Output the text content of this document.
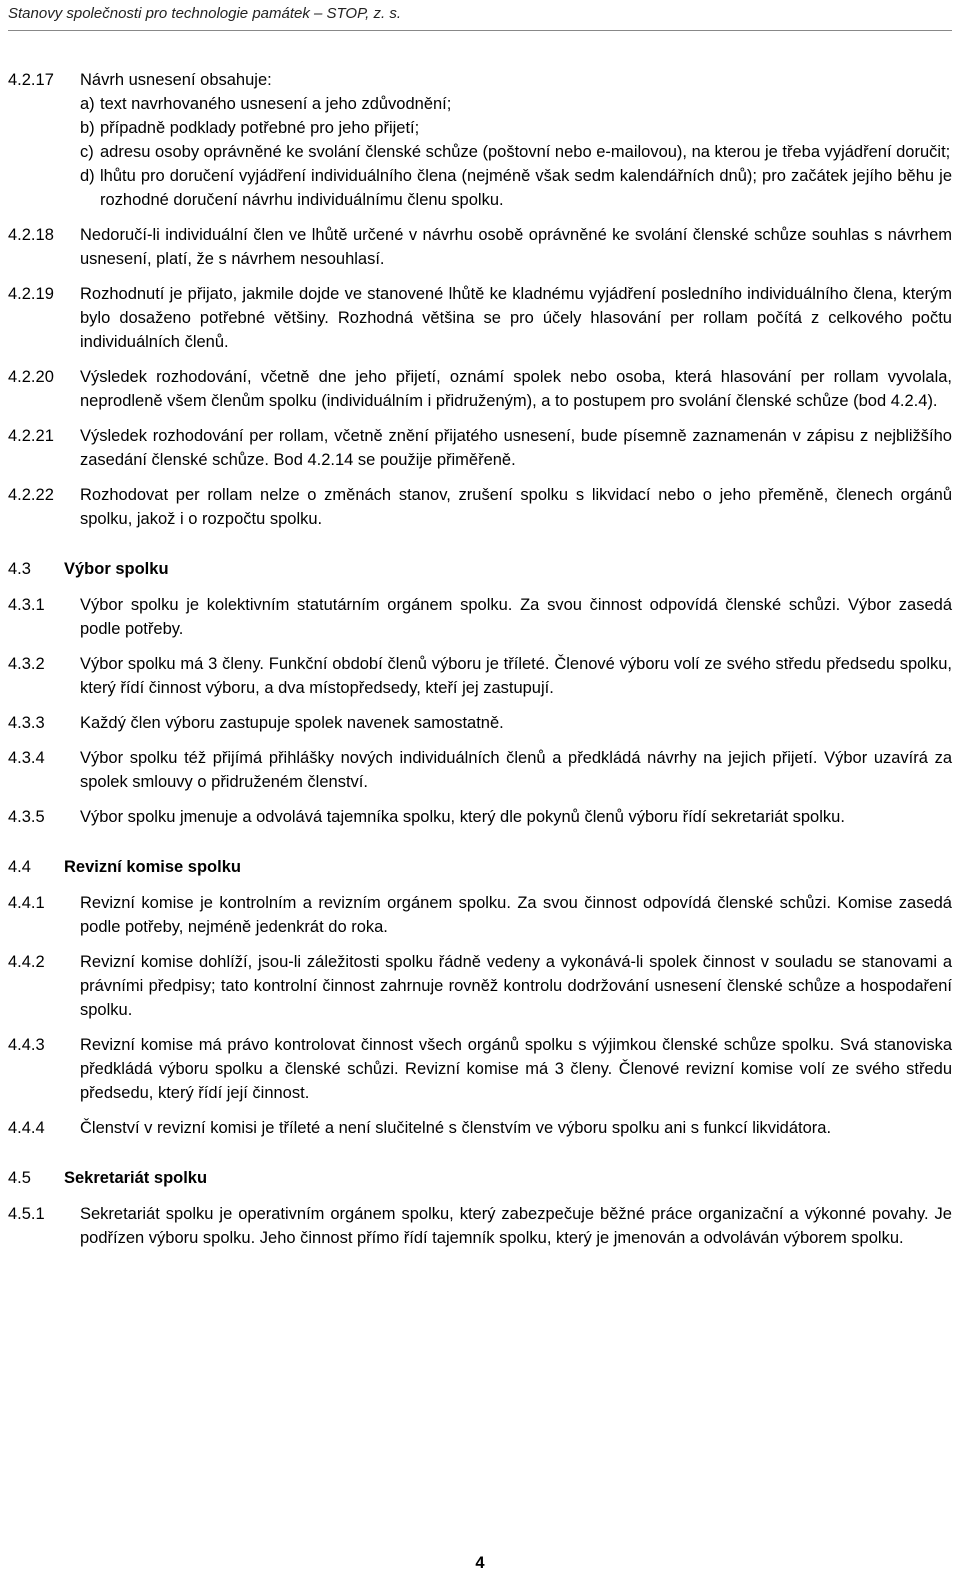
Stanovy společnosti pro technologie památek – STOP, z. s.
4.2.17	Návrh usnesení obsahuje:
a) text navrhovaného usnesení a jeho zdůvodnění;
b) případně podklady potřebné pro jeho přijetí;
c) adresu osoby oprávněné ke svolání členské schůze (poštovní nebo e-mailovou), na kterou je třeba vyjádření doručit;
d) lhůtu pro doručení vyjádření individuálního člena (nejméně však sedm kalendářních dnů); pro začátek jejího běhu je rozhodné doručení návrhu individuálnímu členu spolku.
4.2.18	Nedoručí-li individuální člen ve lhůtě určené v návrhu osobě oprávněné ke svolání členské schůze souhlas s návrhem usnesení, platí, že s návrhem nesouhlasí.
4.2.19	Rozhodnutí je přijato, jakmile dojde ve stanovené lhůtě ke kladnému vyjádření posledního individuálního člena, kterým bylo dosaženo potřebné většiny. Rozhodná většina se pro účely hlasování per rollam počítá z celkového počtu individuálních členů.
4.2.20	Výsledek rozhodování, včetně dne jeho přijetí, oznámí spolek nebo osoba, která hlasování per rollam vyvolala, neprodleně všem členům spolku (individuálním i přidruženým), a to postupem pro svolání členské schůze (bod 4.2.4).
4.2.21	Výsledek rozhodování per rollam, včetně znění přijatého usnesení, bude písemně zaznamenán v zápisu z nejbližšího zasedání členské schůze. Bod 4.2.14 se použije přiměřeně.
4.2.22	Rozhodovat per rollam nelze o změnách stanov, zrušení spolku s likvidací nebo o jeho přeměně, členech orgánů spolku, jakož i o rozpočtu spolku.
4.3	Výbor spolku
4.3.1	Výbor spolku je kolektivním statutárním orgánem spolku. Za svou činnost odpovídá členské schůzi. Výbor zasedá podle potřeby.
4.3.2	Výbor spolku má 3 členy. Funkční období členů výboru je tříleté. Členové výboru volí ze svého středu předsedu spolku, který řídí činnost výboru, a dva místopředsedy, kteří jej zastupují.
4.3.3	Každý člen výboru zastupuje spolek navenek samostatně.
4.3.4	Výbor spolku též přijímá přihlášky nových individuálních členů a předkládá návrhy na jejich přijetí. Výbor uzavírá za spolek smlouvy o přidruženém členství.
4.3.5	Výbor spolku jmenuje a odvolává tajemníka spolku, který dle pokynů členů výboru řídí sekretariát spolku.
4.4	Revizní komise spolku
4.4.1	Revizní komise je kontrolním a revizním orgánem spolku. Za svou činnost odpovídá členské schůzi. Komise zasedá podle potřeby, nejméně jedenkrát do roka.
4.4.2	Revizní komise dohlíží, jsou-li záležitosti spolku řádně vedeny a vykonává-li spolek činnost v souladu se stanovami a právními předpisy; tato kontrolní činnost zahrnuje rovněž kontrolu dodržování usnesení členské schůze a hospodaření spolku.
4.4.3	Revizní komise má právo kontrolovat činnost všech orgánů spolku s výjimkou členské schůze spolku. Svá stanoviska předkládá výboru spolku a členské schůzi. Revizní komise má 3 členy. Členové revizní komise volí ze svého středu předsedu, který řídí její činnost.
4.4.4	Členství v revizní komisi je tříleté a není slučitelné s členstvím ve výboru spolku ani s funkcí likvidátora.
4.5	Sekretariát spolku
4.5.1	Sekretariát spolku je operativním orgánem spolku, který zabezpečuje běžné práce organizační a výkonné povahy. Je podřízen výboru spolku. Jeho činnost přímo řídí tajemník spolku, který je jmenován a odvoláván výborem spolku.
4
